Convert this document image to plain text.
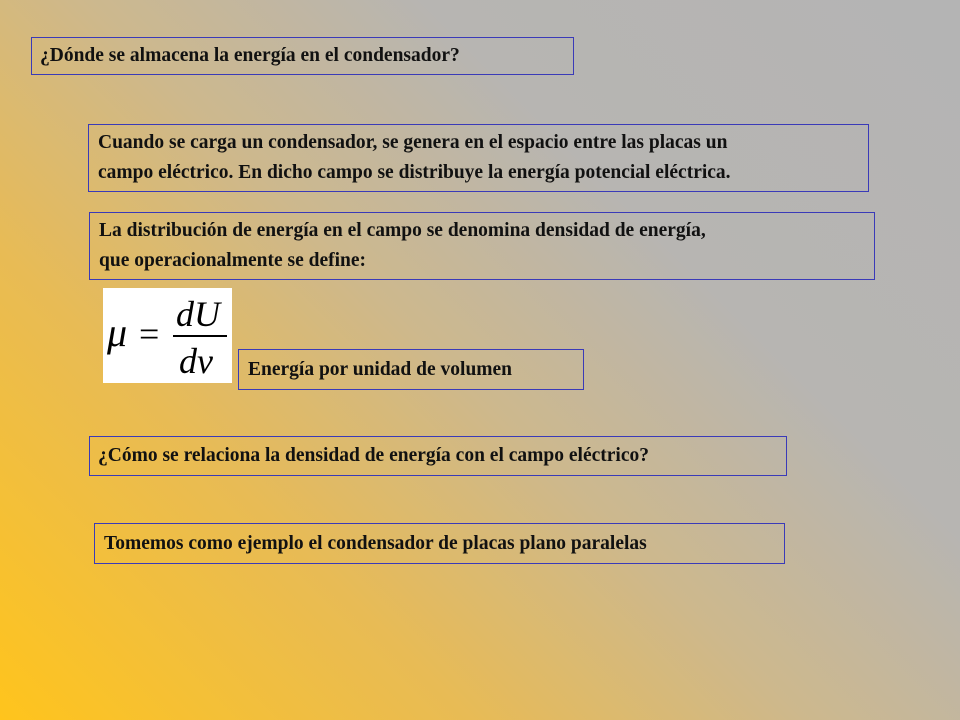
¿Dónde se almacena la energía en el condensador?
Cuando se carga un condensador, se genera en el espacio entre las placas un
campo eléctrico. En dicho campo se distribuye la energía potencial eléctrica.
La distribución de energía en el campo se denomina densidad de energía,
que operacionalmente se define:
μ = dU
dv	Energía por unidad de volumen
¿Cómo se relaciona la densidad de energía con el campo eléctrico?
Tomemos como ejemplo el condensador de placas plano paralelas
